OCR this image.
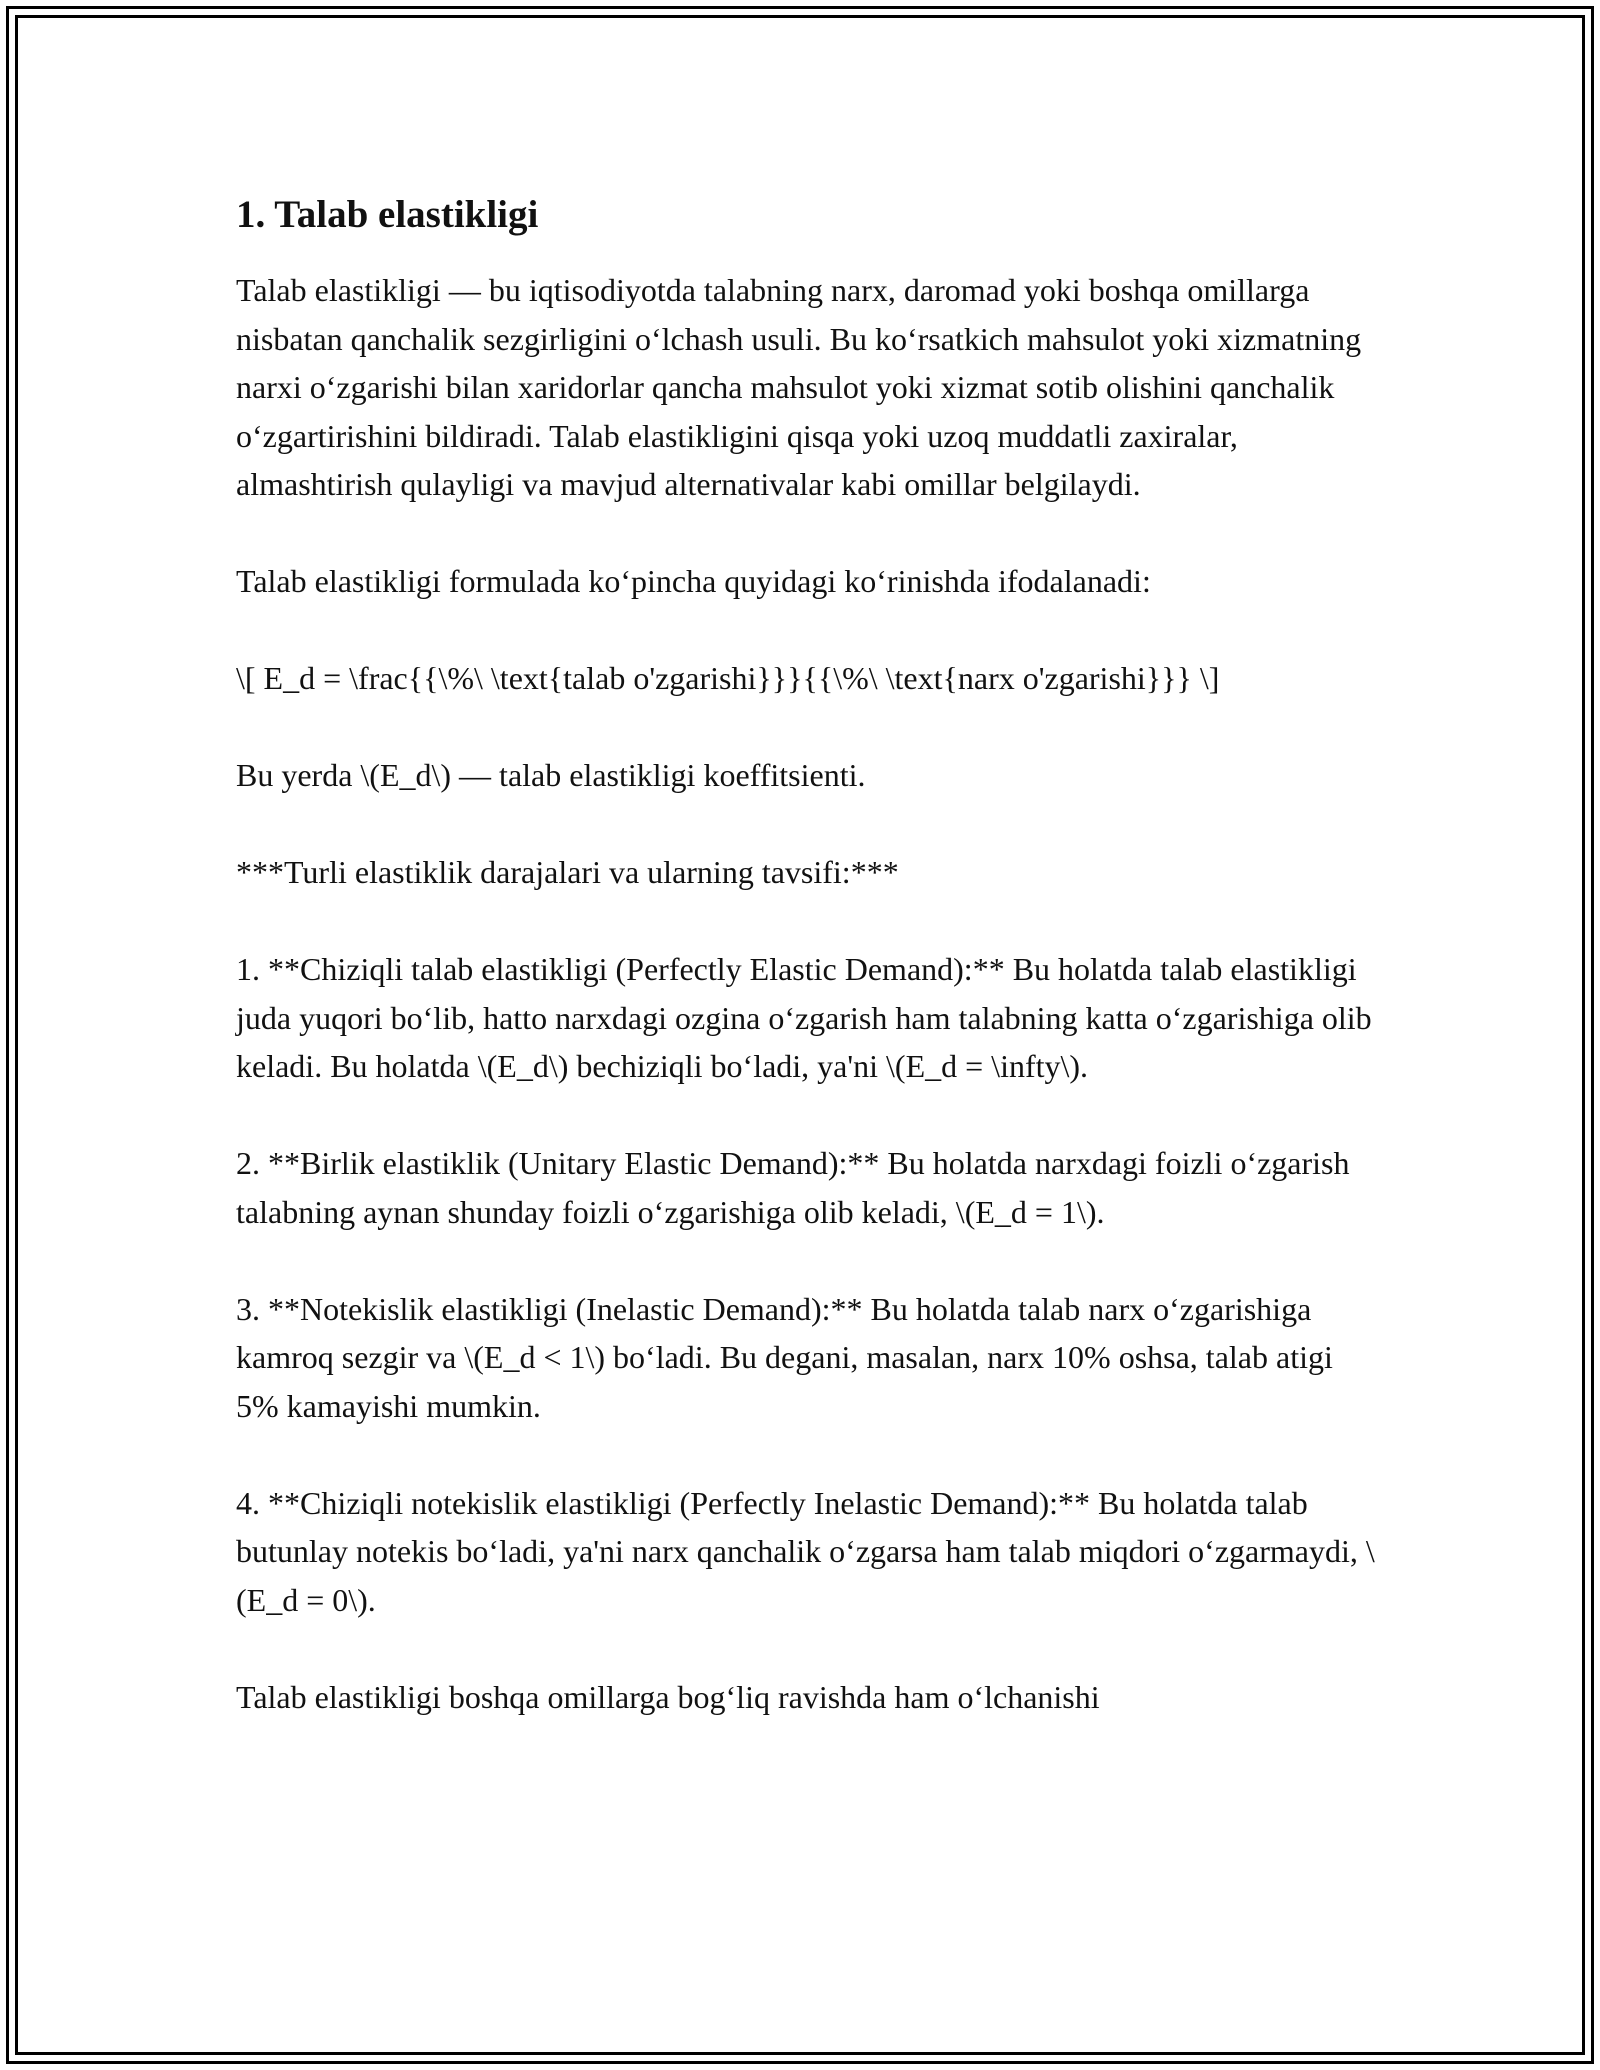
1. Talab elastikligi

Talab elastikligi — bu iqtisodiyotda talabning narx, daromad yoki boshqa omillarga nisbatan qanchalik sezgirligini oʻlchash usuli. Bu koʻrsatkich mahsulot yoki xizmatning narxi oʻzgarishi bilan xaridorlar qancha mahsulot yoki xizmat sotib olishini qanchalik oʻzgartirishini bildiradi. Talab elastikligini qisqa yoki uzoq muddatli zaxiralar, almashtirish qulayligi va mavjud alternativalar kabi omillar belgilaydi.

Talab elastikligi formulada koʻpincha quyidagi koʻrinishda ifodalanadi:

\[ E_d = \frac{{\%\ \text{talab o'zgarishi}}}{{\%\ \text{narx o'zgarishi}}} \]

Bu yerda \(E_d\) — talab elastikligi koeffitsienti.

***Turli elastiklik darajalari va ularning tavsifi:***

1. **Chiziqli talab elastikligi (Perfectly Elastic Demand):** Bu holatda talab elastikligi juda yuqori boʻlib, hatto narxdagi ozgina oʻzgarish ham talabning katta oʻzgarishiga olib keladi. Bu holatda \(E_d\) bechiziqli boʻladi, ya'ni \(E_d = \infty\).

2. **Birlik elastiklik (Unitary Elastic Demand):** Bu holatda narxdagi foizli oʻzgarish talabning aynan shunday foizli oʻzgarishiga olib keladi, \(E_d = 1\).

3. **Notekislik elastikligi (Inelastic Demand):** Bu holatda talab narx oʻzgarishiga kamroq sezgir va \(E_d < 1\) boʻladi. Bu degani, masalan, narx 10% oshsa, talab atigi 5% kamayishi mumkin.

4. **Chiziqli notekislik elastikligi (Perfectly Inelastic Demand):** Bu holatda talab butunlay notekis boʻladi, ya'ni narx qanchalik oʻzgarsa ham talab miqdori oʻzgarmaydi, \(E_d = 0\).

Talab elastikligi boshqa omillarga bogʻliq ravishda ham oʻlchanishi
